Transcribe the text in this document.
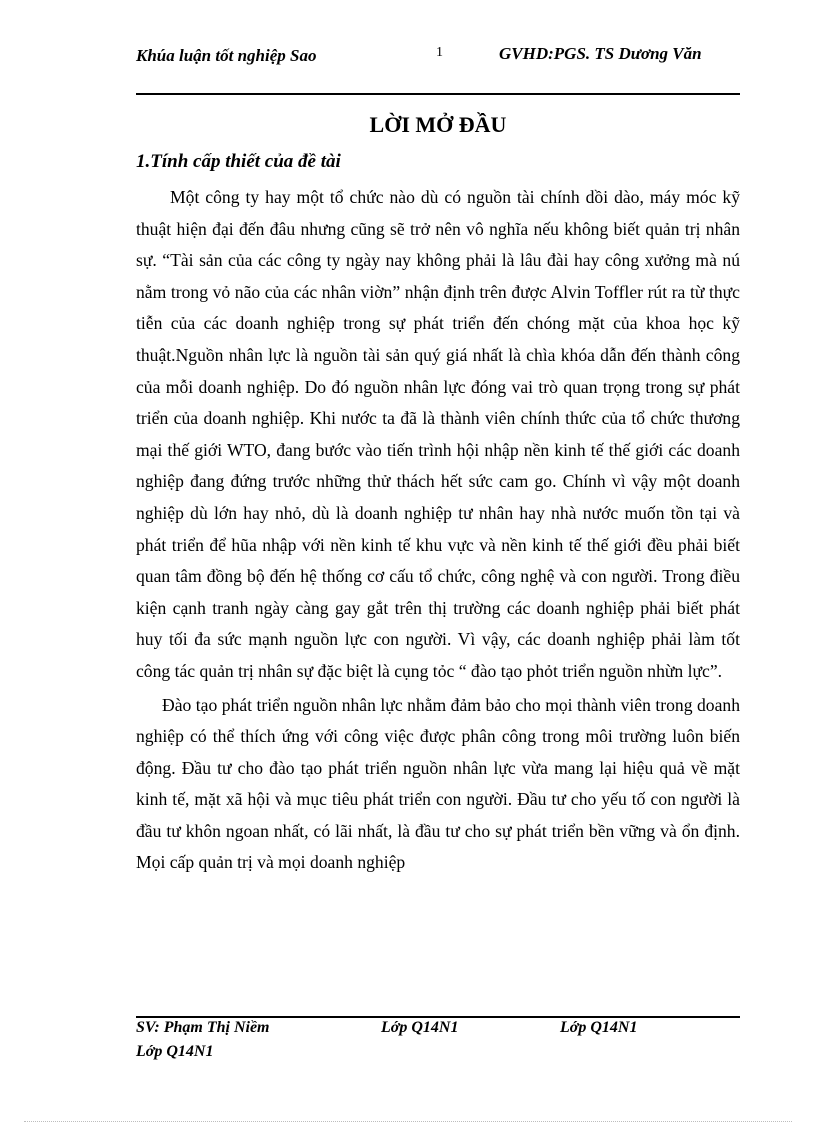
Khúa luận tốt nghiệp Sao	1	GVHD:PGS. TS Dương Văn
LỜI MỞ ĐẦU
1.Tính cấp thiết của đề tài

Một công ty hay một tổ chức nào dù có nguồn tài chính dồi dào, máy móc kỹ thuật hiện đại đến đâu nhưng cũng sẽ trở nên vô nghĩa nếu không biết quản trị nhân sự. “Tài sản của các công ty ngày nay không phải là lâu đài hay công xưởng mà nú nằm trong vỏ não của các nhân viờn” nhận định trên được Alvin Toffler rút ra từ thực tiễn của các doanh nghiệp trong sự phát triển đến chóng mặt của khoa học kỹ thuật.Nguồn nhân lực là nguồn tài sản quý giá nhất là chìa khóa dẫn đến thành công của mỗi doanh nghiệp. Do đó nguồn nhân lực đóng vai trò quan trọng trong sự phát triển của doanh nghiệp. Khi nước ta đã là thành viên chính thức của tổ chức thương mại thế giới WTO, đang bước vào tiến trình hội nhập nền kinh tế thế giới các doanh nghiệp đang đứng trước những thử thách hết sức cam go. Chính vì vậy một doanh nghiệp dù lớn hay nhỏ, dù là doanh nghiệp tư nhân hay nhà nước muốn tồn tại và phát triển để hũa nhập với nền kinh tế khu vực và nền kinh tế thế giới đều phải biết quan tâm đồng bộ đến hệ thống cơ cấu tổ chức, công nghệ và con người. Trong điều kiện cạnh tranh ngày càng gay gắt trên thị trường các doanh nghiệp phải biết phát huy tối đa sức mạnh nguồn lực con người. Vì vậy, các doanh nghiệp phải làm tốt công tác quản trị nhân sự đặc biệt là cụng tỏc “ đào tạo phỏt triển nguồn nhừn lực”.

Đào tạo phát triển nguồn nhân lực nhằm đảm bảo cho mọi thành viên trong doanh nghiệp có thể thích ứng với công việc được phân công trong môi trường luôn biến động. Đầu tư cho đào tạo phát triển nguồn nhân lực vừa mang lại hiệu quả về mặt kinh tế, mặt xã hội và mục tiêu phát triển con người. Đầu tư cho yếu tố con người là đầu tư khôn ngoan nhất, có lãi nhất, là đầu tư cho sự phát triển bền vững và ổn định. Mọi cấp quản trị và mọi doanh nghiệp

SV: Phạm Thị Niềm	Lớp Q14N1	Lớp Q14N1
Lớp Q14N1
